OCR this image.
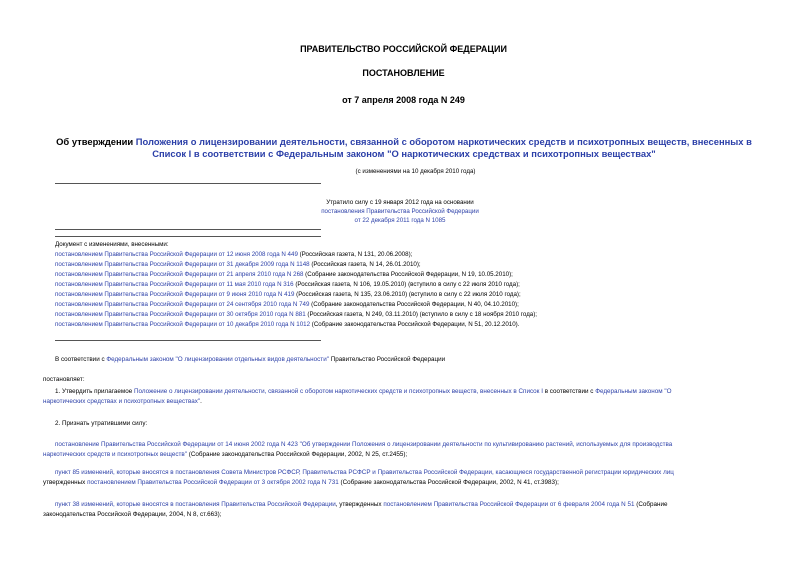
ПРАВИТЕЛЬСТВО РОССИЙСКОЙ ФЕДЕРАЦИИ
ПОСТАНОВЛЕНИЕ
от 7 апреля 2008 года N 249
Об утверждении Положения о лицензировании деятельности, связанной с оборотом наркотических средств и психотропных веществ, внесенных в Список I в соответствии с Федеральным законом "О наркотических средствах и психотропных веществах"
(с изменениями на 10 декабря 2010 года)
Утратило силу с 19 января 2012 года на основании
постановления Правительства Российской Федерации
от 22 декабря 2011 года N 1085
Документ с изменениями, внесенными:
постановлением Правительства Российской Федерации от 12 июня 2008 года N 449 (Российская газета, N 131, 20.06.2008);
постановлением Правительства Российской Федерации от 31 декабря 2009 года N 1148 (Российская газета, N 14, 26.01.2010);
постановлением Правительства Российской Федерации от 21 апреля 2010 года N 268 (Собрание законодательства Российской Федерации, N 19, 10.05.2010);
постановлением Правительства Российской Федерации от 11 мая 2010 года N 316 (Российская газета, N 106, 19.05.2010) (вступило в силу с 22 июля 2010 года);
постановлением Правительства Российской Федерации от 9 июня 2010 года N 419 (Российская газета, N 135, 23.06.2010) (вступило в силу с 22 июля 2010 года);
постановлением Правительства Российской Федерации от 24 сентября 2010 года N 749 (Собрание законодательства Российской Федерации, N 40, 04.10.2010);
постановлением Правительства Российской Федерации от 30 октября 2010 года N 881 (Российская газета, N 249, 03.11.2010) (вступило в силу с 18 ноября 2010 года);
постановлением Правительства Российской Федерации от 10 декабря 2010 года N 1012 (Собрание законодательства Российской Федерации, N 51, 20.12.2010).
В соответствии с Федеральным законом "О лицензировании отдельных видов деятельности" Правительство Российской Федерации
постановляет:
1. Утвердить прилагаемое Положение о лицензировании деятельности, связанной с оборотом наркотических средств и психотропных веществ, внесенных в Список I в соответствии с Федеральным законом "О
наркотических средствах и психотропных веществах".
2. Признать утратившими силу:
постановление Правительства Российской Федерации от 14 июня 2002 года N 423 "Об утверждении Положения о лицензировании деятельности по культивированию растений, используемых для производства
наркотических средств и психотропных веществ" (Собрание законодательства Российской Федерации, 2002, N 25, ст.2455);
пункт 85 изменений, которые вносятся в постановления Совета Министров РСФСР, Правительства РСФСР и Правительства Российской Федерации, касающиеся государственной регистрации юридических лиц
утвержденных постановлением Правительства Российской Федерации от 3 октября 2002 года N 731 (Собрание законодательства Российской Федерации, 2002, N 41, ст.3983);
пункт 38 изменений, которые вносятся в постановления Правительства Российской Федерации, утвержденных постановлением Правительства Российской Федерации от 6 февраля 2004 года N 51 (Собрание
законодательства Российской Федерации, 2004, N 8, ст.663);
